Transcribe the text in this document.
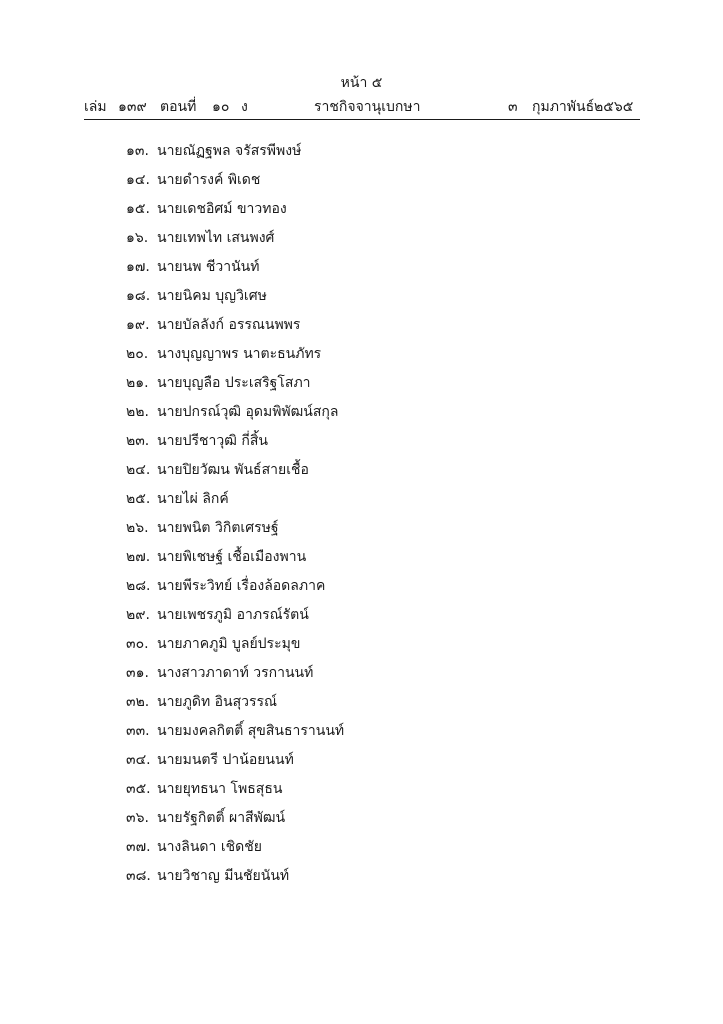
หน้า ๕
เล่ม ๑๓๙ ตอนที่ ๑๐ ง	ราชกิจจานุเบกษา	๓ กุมภาพันธ์ ๒๕๖๕
๑๓. นายณัฏฐพล จรัสรพีพงษ์
๑๔. นายดำรงค์ พิเดช
๑๕. นายเดชอิศม์ ขาวทอง
๑๖. นายเทพไท เสนพงศ์
๑๗. นายนพ ชีวานันท์
๑๘. นายนิคม บุญวิเศษ
๑๙. นายบัลลังก์ อรรณนพพร
๒๐. นางบุญญาพร นาตะธนภัทร
๒๑. นายบุญลือ ประเสริฐโสภา
๒๒. นายปกรณ์วุฒิ อุดมพิพัฒน์สกุล
๒๓. นายปรีชาวุฒิ กี่สิ้น
๒๔. นายปิยวัฒน พันธ์สายเชื้อ
๒๕. นายไผ่ ลิกค์
๒๖. นายพนิต วิกิตเศรษฐ์
๒๗. นายพิเชษฐ์ เชื้อเมืองพาน
๒๘. นายพีระวิทย์ เรื่องล้อดลภาค
๒๙. นายเพชรภูมิ อาภรณ์รัตน์
๓๐. นายภาคภูมิ บูลย์ประมุข
๓๑. นางสาวภาดาท์ วรกานนท์
๓๒. นายภูดิท อินสุวรรณ์
๓๓. นายมงคลกิตติ์ สุขสินธารานนท์
๓๔. นายมนตรี ปาน้อยนนท์
๓๕. นายยุทธนา โพธสุธน
๓๖. นายรัฐกิตติ์ ผาสีพัฒน์
๓๗. นางลินดา เชิดชัย
๓๘. นายวิชาญ มีนชัยนันท์
